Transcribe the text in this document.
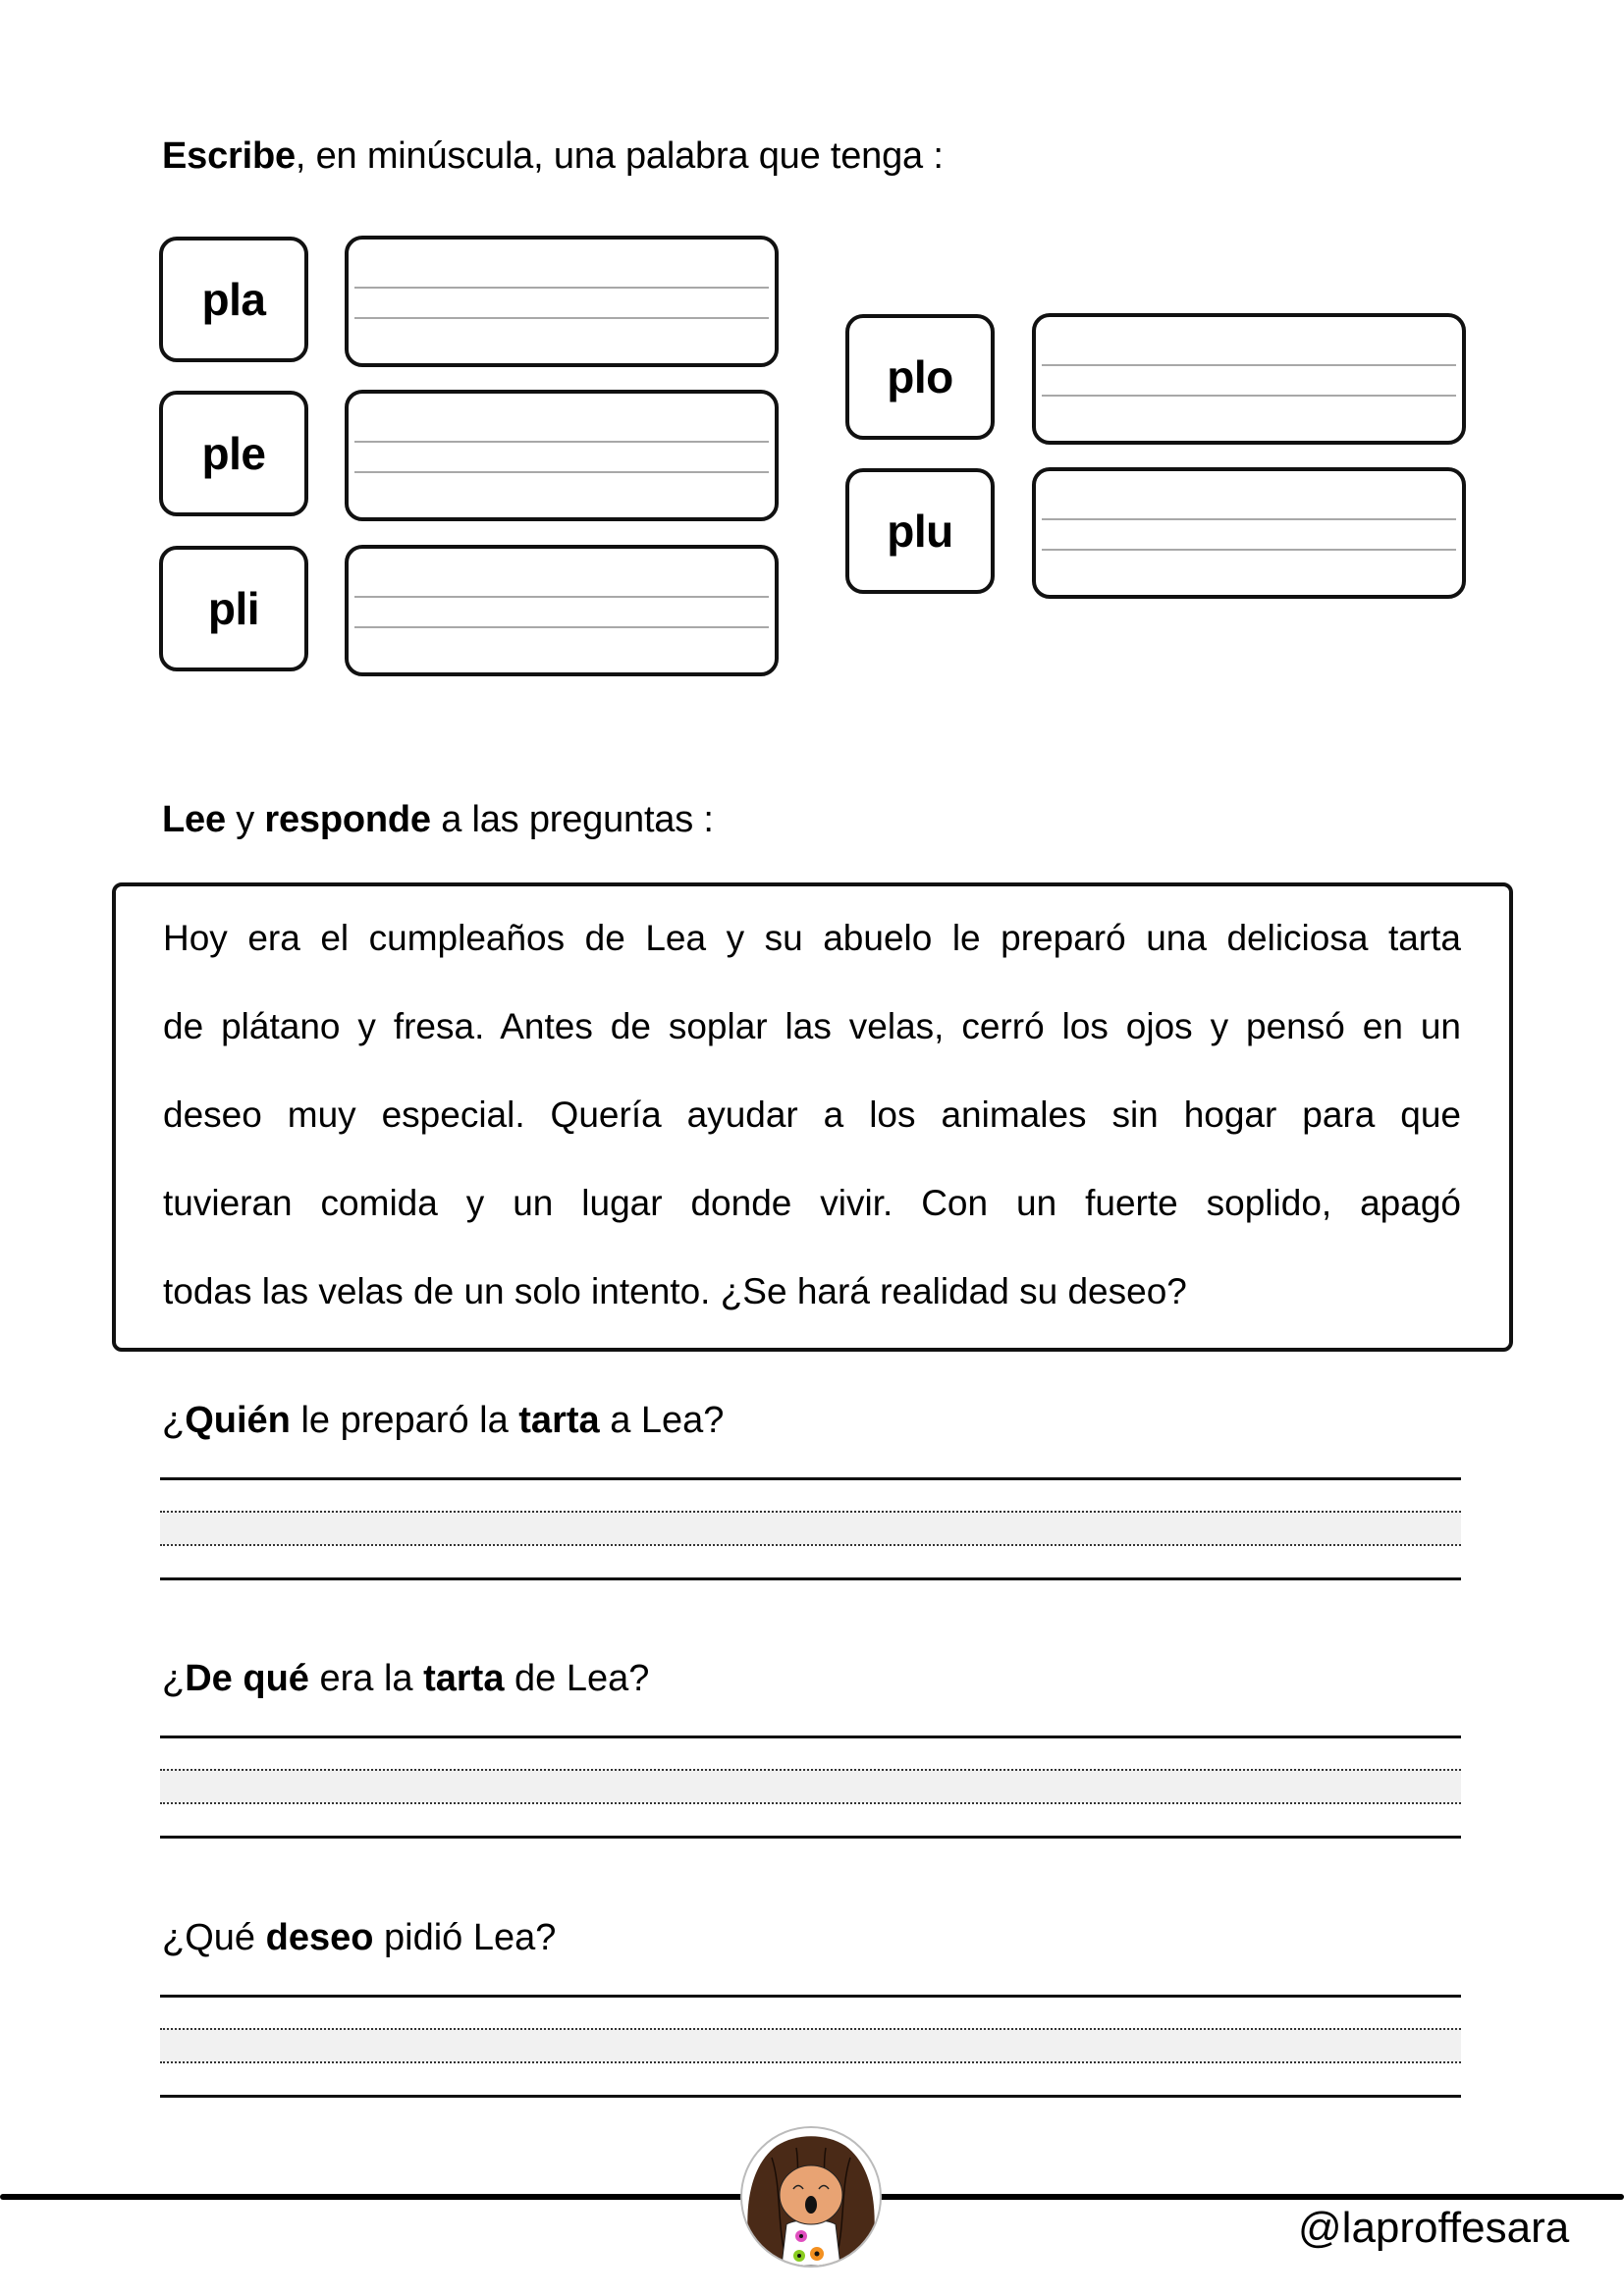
Escribe, en minúscula, una palabra que tenga :
pla
ple
pli
plo
plu
Lee y responde a las preguntas :
Hoy era el cumpleaños de Lea y su abuelo le preparó una deliciosa tarta
de plátano y fresa. Antes de soplar las velas, cerró los ojos y pensó en un
deseo muy especial. Quería ayudar a los animales sin hogar para que
tuvieran comida y un lugar donde vivir. Con un fuerte soplido, apagó
todas las velas de un solo intento. ¿Se hará realidad su deseo?
¿Quién le preparó la tarta a Lea?
¿De qué era la tarta de Lea?
¿Qué deseo pidió Lea?
@laproffesara
